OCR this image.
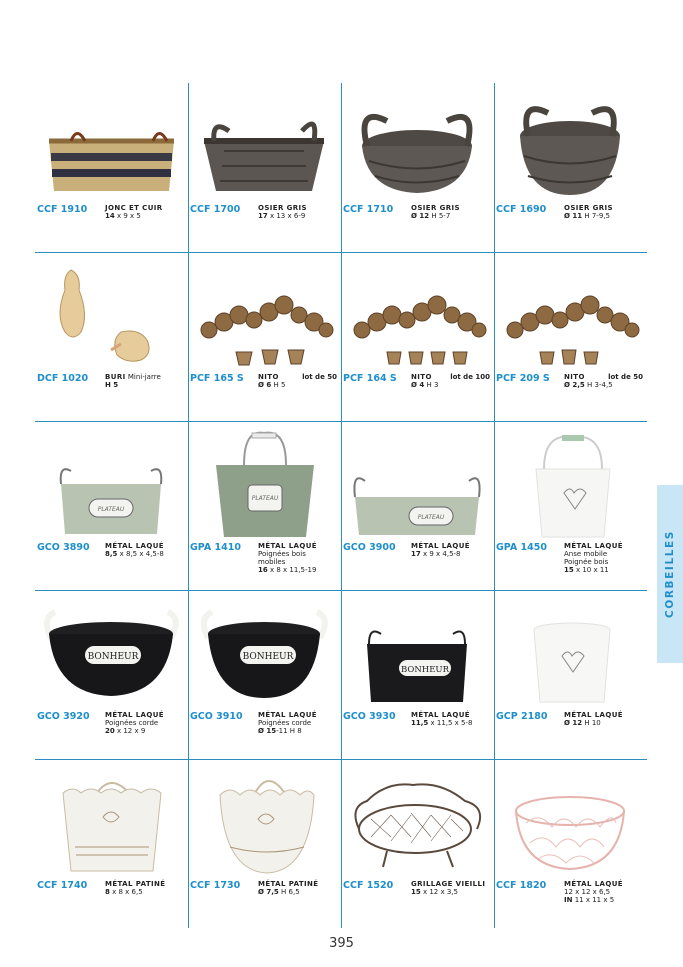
CCF 1910	JONC ET CUIR
14 x 9 x 5
CCF 1700	OSIER GRIS
17 x 13 x 6-9
CCF 1710	OSIER GRIS
Ø 12 H 5-7
CCF 1690	OSIER GRIS
Ø 11 H 7-9,5
DCF 1020 BURI Mini-jarre
H 5
PCF 165 S NITO
Ø 6 H 5
lot de 50 PCF 164 S NITO
Ø 4 H 3
lot de 100 PCF 209 S NITO
Ø 2,5 H 3-4,5
lot de 50
PLATEAU
GCO 3890 MÉTAL LAQUÉ
8,5 x 8,5 x 4,5-8
PLATEAU
GPA 1410 MÉTAL LAQUÉ
Poignées bois
mobiles
16 x 8 x 11,5-19
PLATEAU
GCO 3900 MÉTAL LAQUÉ
17 x 9 x 4,5-8
GPA 1450 MÉTAL LAQUÉ
Anse mobile
Poignée bois
15 x 10 x 11
BONHEUR
GCO 3920 MÉTAL LAQUÉ
Poignées corde
20 x 12 x 9
BONHEUR
GCO 3910 MÉTAL LAQUÉ
Poignées corde
Ø 15-11 H 8
BONHEUR
GCO 3930 MÉTAL LAQUÉ
11,5 x 11,5 x 5-8
GCP 2180 MÉTAL LAQUÉ
Ø 12 H 10
CCF 1740	MÉTAL PATINÉ
8 x 8 x 6,5
CCF 1730	MÉTAL PATINÉ
Ø 7,5 H 6,5
CCF 1520	GRILLAGE VIEILLI
15 x 12 x 3,5
CCF 1820	MÉTAL LAQUÉ
12 x 12 x 6,5
IN 11 x 11 x 5
CORBEILLES
395
